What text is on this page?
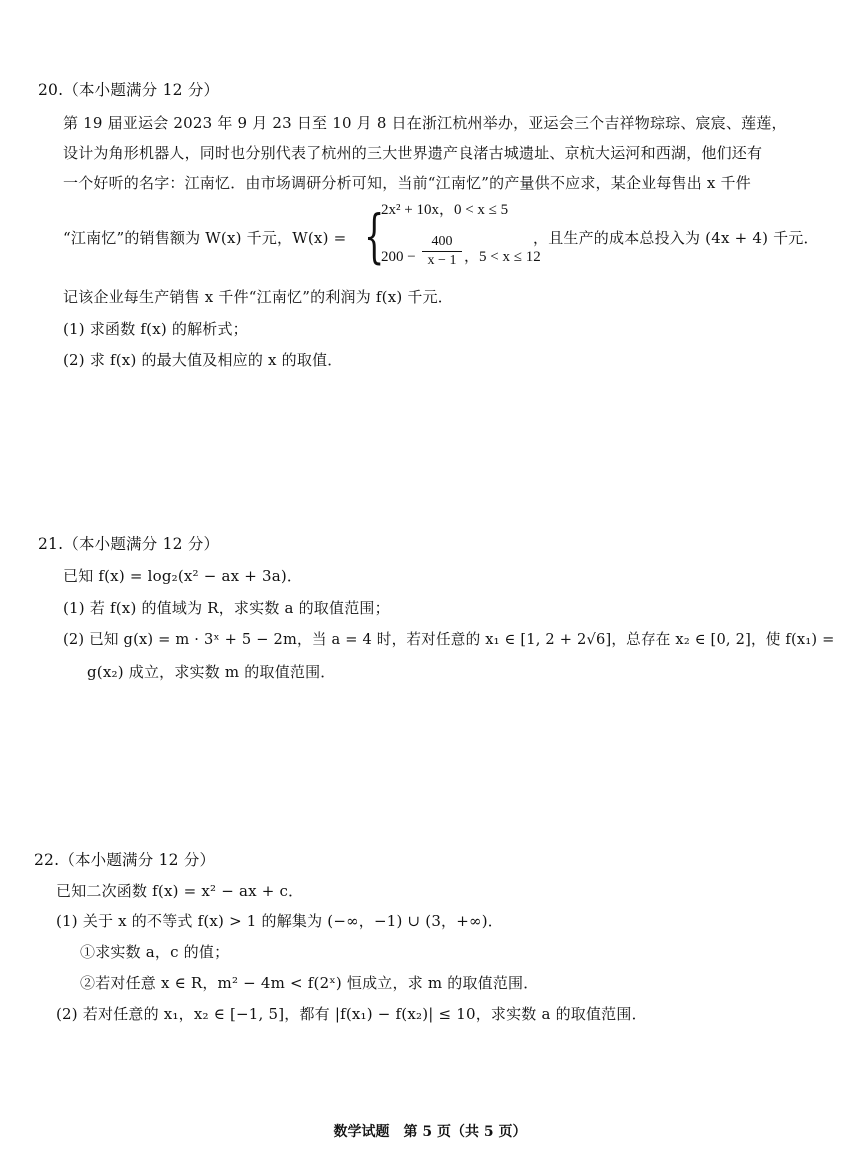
20.（本小题满分 12 分）
第 19 届亚运会 2023 年 9 月 23 日至 10 月 8 日在浙江杭州举办，亚运会三个吉祥物琮琮、宸宸、莲莲，
设计为角形机器人，同时也分别代表了杭州的三大世界遗产良渚古城遗址、京杭大运河和西湖，他们还有
一个好听的名字：江南忆．由市场调研分析可知，当前“江南忆”的产量供不应求，某企业每售出 x 千件
“江南忆”的销售额为 W(x) 千元，W(x) = {
2x² + 10x，0 < x ≤ 5
200 −
400
x − 1 ，5 < x ≤ 12
，且生产的成本总投入为 (4x + 4) 千元．
记该企业每生产销售 x 千件“江南忆”的利润为 f(x) 千元．
(1) 求函数 f(x) 的解析式；
(2) 求 f(x) 的最大值及相应的 x 的取值．
21.（本小题满分 12 分）
已知 f(x) = log₂(x² − ax + 3a)．
(1) 若 f(x) 的值域为 R，求实数 a 的取值范围；
(2) 已知 g(x) = m · 3ˣ + 5 − 2m，当 a = 4 时，若对任意的 x₁ ∈ [1, 2 + 2√6]，总存在 x₂ ∈ [0, 2]，使 f(x₁) =
g(x₂) 成立，求实数 m 的取值范围．
22.（本小题满分 12 分）
已知二次函数 f(x) = x² − ax + c．
(1) 关于 x 的不等式 f(x) > 1 的解集为 (−∞，−1) ∪ (3，+∞)．
①求实数 a，c 的值；
②若对任意 x ∈ R，m² − 4m < f(2ˣ) 恒成立，求 m 的取值范围．
(2) 若对任意的 x₁，x₂ ∈ [−1, 5]，都有 |f(x₁) − f(x₂)| ≤ 10，求实数 a 的取值范围．
数学试题　第 5 页（共 5 页）
